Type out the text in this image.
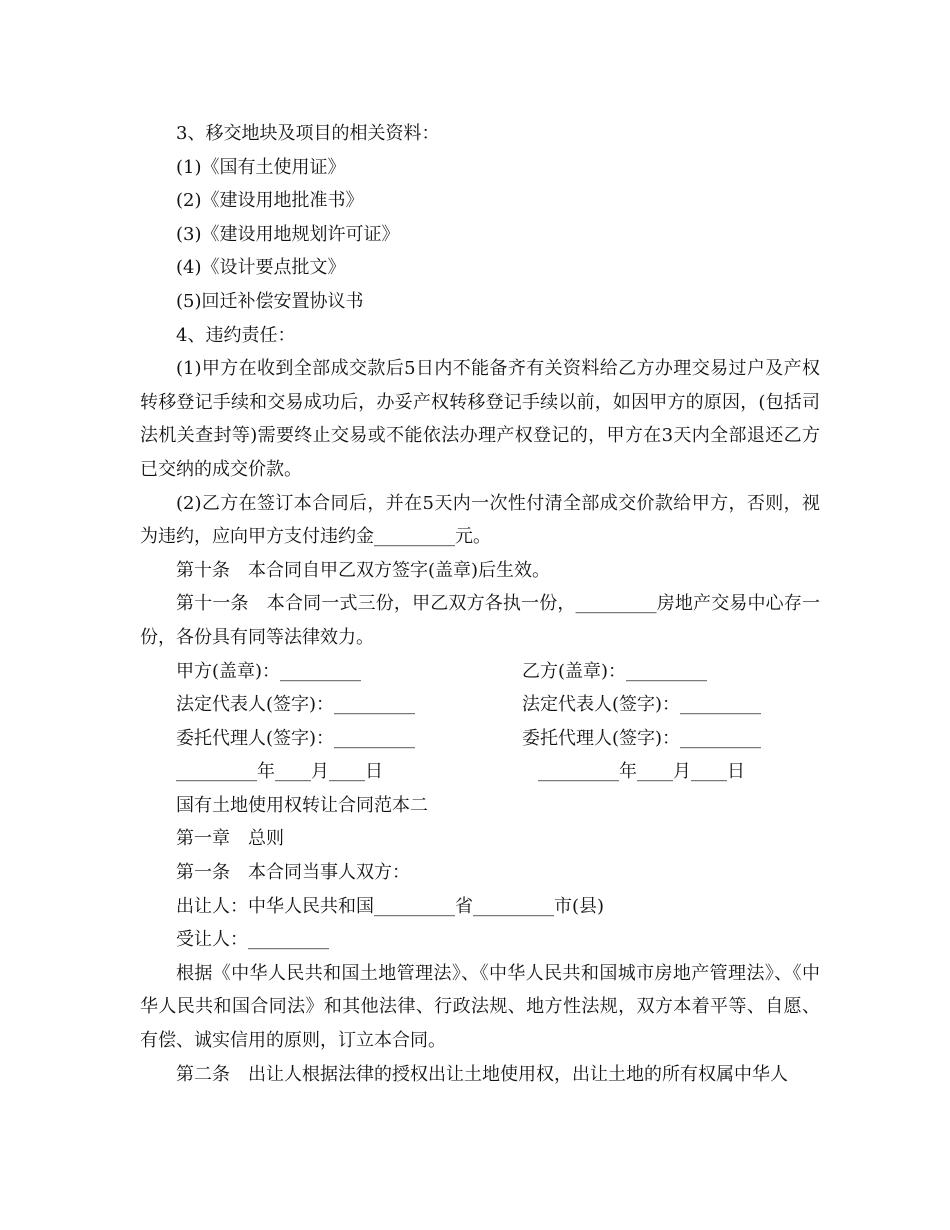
3、移交地块及项目的相关资料：

(1)《国有土使用证》

(2)《建设用地批准书》

(3)《建设用地规划许可证》

(4)《设计要点批文》

(5)回迁补偿安置协议书

4、违约责任：

(1)甲方在收到全部成交款后5日内不能备齐有关资料给乙方办理交易过户及产权转移登记手续和交易成功后，办妥产权转移登记手续以前，如因甲方的原因，(包括司法机关查封等)需要终止交易或不能依法办理产权登记的，甲方在3天内全部退还乙方已交纳的成交价款。

(2)乙方在签订本合同后，并在5天内一次性付清全部成交价款给甲方，否则，视为违约，应向甲方支付违约金_________元。

第十条　本合同自甲乙双方签字(盖章)后生效。

第十一条　本合同一式三份，甲乙双方各执一份，_________房地产交易中心存一份，各份具有同等法律效力。

甲方(盖章)：_________	乙方(盖章)：_________
法定代表人(签字)：_________	法定代表人(签字)：_________
委托代理人(签字)：_________	委托代理人(签字)：_________
_________年____月____日	_________年____月____日

国有土地使用权转让合同范本二

第一章　总则

第一条　本合同当事人双方：

出让人：中华人民共和国_________省_________市(县)

受让人：_________

根据《中华人民共和国土地管理法》、《中华人民共和国城市房地产管理法》、《中华人民共和国合同法》和其他法律、行政法规、地方性法规，双方本着平等、自愿、有偿、诚实信用的原则，订立本合同。

第二条　出让人根据法律的授权出让土地使用权，出让土地的所有权属中华人
